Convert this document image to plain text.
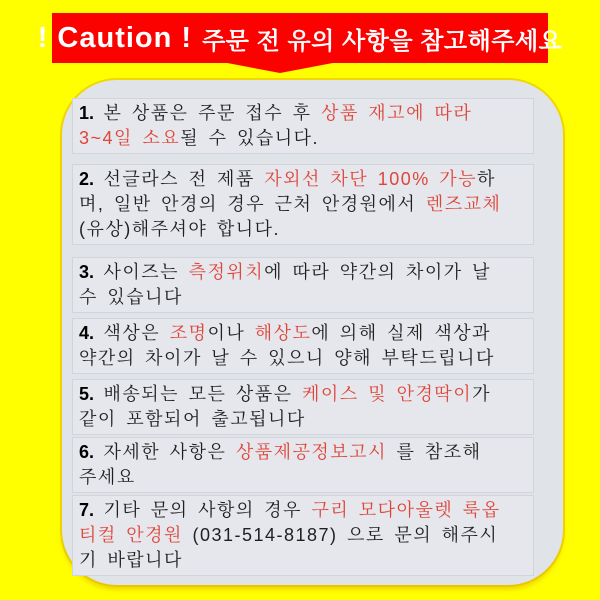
! Caution ! 주문 전 유의 사항을 참고해주세요
1. 본 상품은 주문 접수 후 상품 재고에 따라
3~4일 소요될 수 있습니다.
2. 선글라스 전 제품 자외선 차단 100% 가능하
며, 일반 안경의 경우 근처 안경원에서 렌즈교체
(유상)해주셔야 합니다.
3. 사이즈는 측정위치에 따라 약간의 차이가 날
수 있습니다
4. 색상은 조명이나 해상도에 의해 실제 색상과
약간의 차이가 날 수 있으니 양해 부탁드립니다
5. 배송되는 모든 상품은 케이스 및 안경딱이가
같이 포함되어 출고됩니다
6. 자세한 사항은 상품제공정보고시 를 참조해
주세요
7. 기타 문의 사항의 경우 구리 모다아울렛 룩옵
티컬 안경원 (031-514-8187) 으로 문의 해주시
기 바랍니다
